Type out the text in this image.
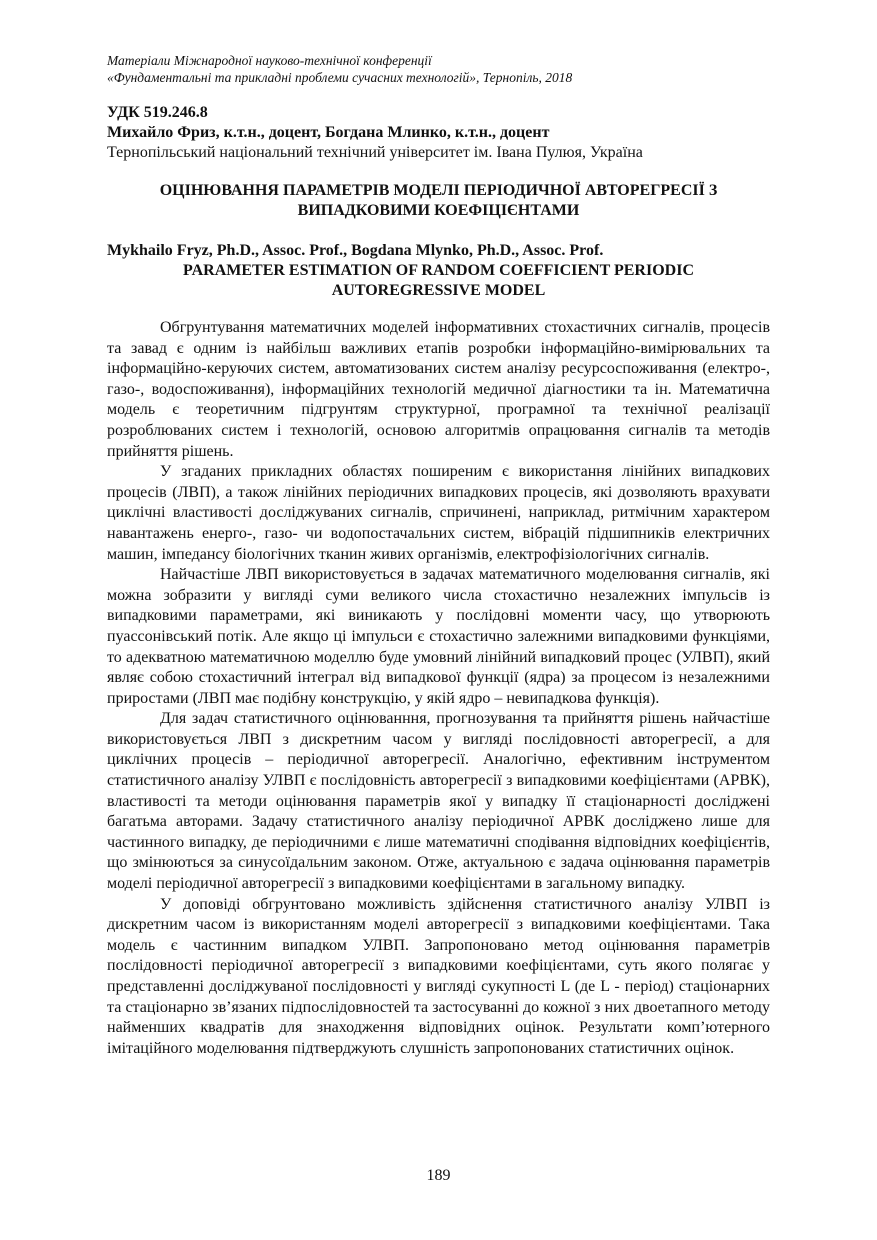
Матеріали Міжнародної науково-технічної конференції
«Фундаментальні та прикладні проблеми сучасних технологій», Тернопіль, 2018
УДК 519.246.8
Михайло Фриз, к.т.н., доцент, Богдана Млинко, к.т.н., доцент
Тернопільський національний технічний університет ім. Івана Пулюя, Україна
ОЦІНЮВАННЯ ПАРАМЕТРІВ МОДЕЛІ ПЕРІОДИЧНОЇ АВТОРЕГРЕСІЇ З
ВИПАДКОВИМИ КОЕФІЦІЄНТАМИ
Mykhailo Fryz, Ph.D., Assoc. Prof., Bogdana Mlynko, Ph.D., Assoc. Prof.
PARAMETER ESTIMATION OF RANDOM COEFFICIENT PERIODIC
AUTOREGRESSIVE MODEL

Обгрунтування математичних моделей інформативних стохастичних сигналів, процесів та завад є одним із найбільш важливих етапів розробки інформаційно-вимірювальних та інформаційно-керуючих систем, автоматизованих систем аналізу ресурсоспоживання (електро-, газо-, водоспоживання), інформаційних технологій медичної діагностики та ін. Математична модель є теоретичним підгрунтям структурної, програмної та технічної реалізації розроблюваних систем і технологій, основою алгоритмів опрацювання сигналів та методів прийняття рішень.

У згаданих прикладних областях поширеним є використання лінійних випадкових процесів (ЛВП), а також лінійних періодичних випадкових процесів, які дозволяють врахувати циклічні властивості досліджуваних сигналів, спричинені, наприклад, ритмічним характером навантажень енерго-, газо- чи водопостачальних систем, вібрацій підшипників електричних машин, імпедансу біологічних тканин живих організмів, електрофізіологічних сигналів.

Найчастіше ЛВП використовується в задачах математичного моделювання сигналів, які можна зобразити у вигляді суми великого числа стохастично незалежних імпульсів із випадковими параметрами, які виникають у послідовні моменти часу, що утворюють пуассонівський потік. Але якщо ці імпульси є стохастично залежними випадковими функціями, то адекватною математичною моделлю буде умовний лінійний випадковий процес (УЛВП), який являє собою стохастичний інтеграл від випадкової функції (ядра) за процесом із незалежними приростами (ЛВП має подібну конструкцію, у якій ядро – невипадкова функція).

Для задач статистичного оцінюванння, прогнозування та прийняття рішень найчастіше використовується ЛВП з дискретним часом у вигляді послідовності авторегресії, а для циклічних процесів – періодичної авторегресії. Аналогічно, ефективним інструментом статистичного аналізу УЛВП є послідовність авторегресії з випадковими коефіцієнтами (АРВК), властивості та методи оцінювання параметрів якої у випадку її стаціонарності досліджені багатьма авторами. Задачу статистичного аналізу періодичної АРВК досліджено лише для частинного випадку, де періодичними є лише математичні сподівання відповідних коефіцієнтів, що змінюються за синусоїдальним законом. Отже, актуальною є задача оцінювання параметрів моделі періодичної авторегресії з випадковими коефіцієнтами в загальному випадку.

У доповіді обгрунтовано можливість здійснення статистичного аналізу УЛВП із дискретним часом із використанням моделі авторегресії з випадковими коефіцієнтами. Така модель є частинним випадком УЛВП. Запропоновано метод оцінювання параметрів послідовності періодичної авторегресії з випадковими коефіцієнтами, суть якого полягає у представленні досліджуваної послідовності у вигляді сукупності L (де L - період) стаціонарних та стаціонарно зв’язаних підпослідовностей та застосуванні до кожної з них двоетапного методу найменших квадратів для знаходження відповідних оцінок. Результати комп’ютерного імітаційного моделювання підтверджують слушність запропонованих статистичних оцінок.

189
